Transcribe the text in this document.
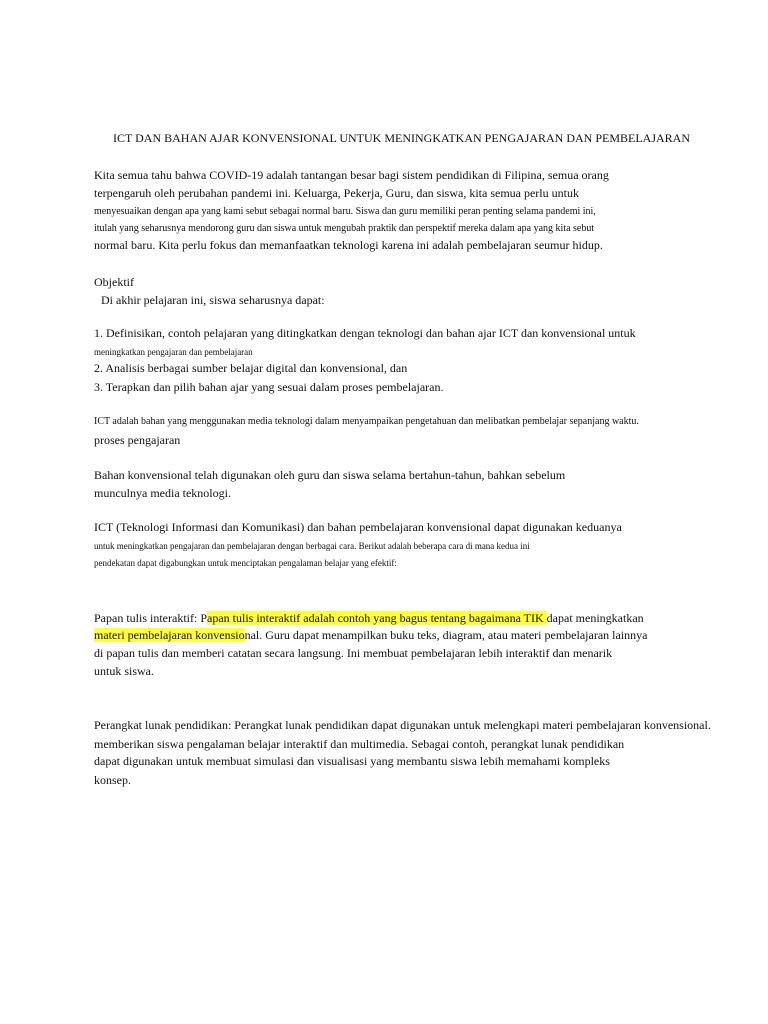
ICT DAN BAHAN AJAR KONVENSIONAL UNTUK MENINGKATKAN PENGAJARAN DAN PEMBELAJARAN
Kita semua tahu bahwa COVID-19 adalah tantangan besar bagi sistem pendidikan di Filipina, semua orang
terpengaruh oleh perubahan pandemi ini. Keluarga, Pekerja, Guru, dan siswa, kita semua perlu untuk
menyesuaikan dengan apa yang kami sebut sebagai normal baru. Siswa dan guru memiliki peran penting selama pandemi ini,
itulah yang seharusnya mendorong guru dan siswa untuk mengubah praktik dan perspektif mereka dalam apa yang kita sebut
normal baru. Kita perlu fokus dan memanfaatkan teknologi karena ini adalah pembelajaran seumur hidup.
Objektif
Di akhir pelajaran ini, siswa seharusnya dapat:
1. Definisikan, contoh pelajaran yang ditingkatkan dengan teknologi dan bahan ajar ICT dan konvensional untuk
meningkatkan pengajaran dan pembelajaran
2. Analisis berbagai sumber belajar digital dan konvensional, dan
3. Terapkan dan pilih bahan ajar yang sesuai dalam proses pembelajaran.
ICT adalah bahan yang menggunakan media teknologi dalam menyampaikan pengetahuan dan melibatkan pembelajar sepanjang waktu.
proses pengajaran
Bahan konvensional telah digunakan oleh guru dan siswa selama bertahun-tahun, bahkan sebelum
munculnya media teknologi.
ICT (Teknologi Informasi dan Komunikasi) dan bahan pembelajaran konvensional dapat digunakan keduanya
untuk meningkatkan pengajaran dan pembelajaran dengan berbagai cara. Berikut adalah beberapa cara di mana kedua ini
pendekatan dapat digabungkan untuk menciptakan pengalaman belajar yang efektif:
Papan tulis interaktif: Papan tulis interaktif adalah contoh yang bagus tentang bagaimana TIK dapat meningkatkan
materi pembelajaran konvensional. Guru dapat menampilkan buku teks, diagram, atau materi pembelajaran lainnya
di papan tulis dan memberi catatan secara langsung. Ini membuat pembelajaran lebih interaktif dan menarik
untuk siswa.
Perangkat lunak pendidikan: Perangkat lunak pendidikan dapat digunakan untuk melengkapi materi pembelajaran konvensional.
memberikan siswa pengalaman belajar interaktif dan multimedia. Sebagai contoh, perangkat lunak pendidikan
dapat digunakan untuk membuat simulasi dan visualisasi yang membantu siswa lebih memahami kompleks
konsep.
